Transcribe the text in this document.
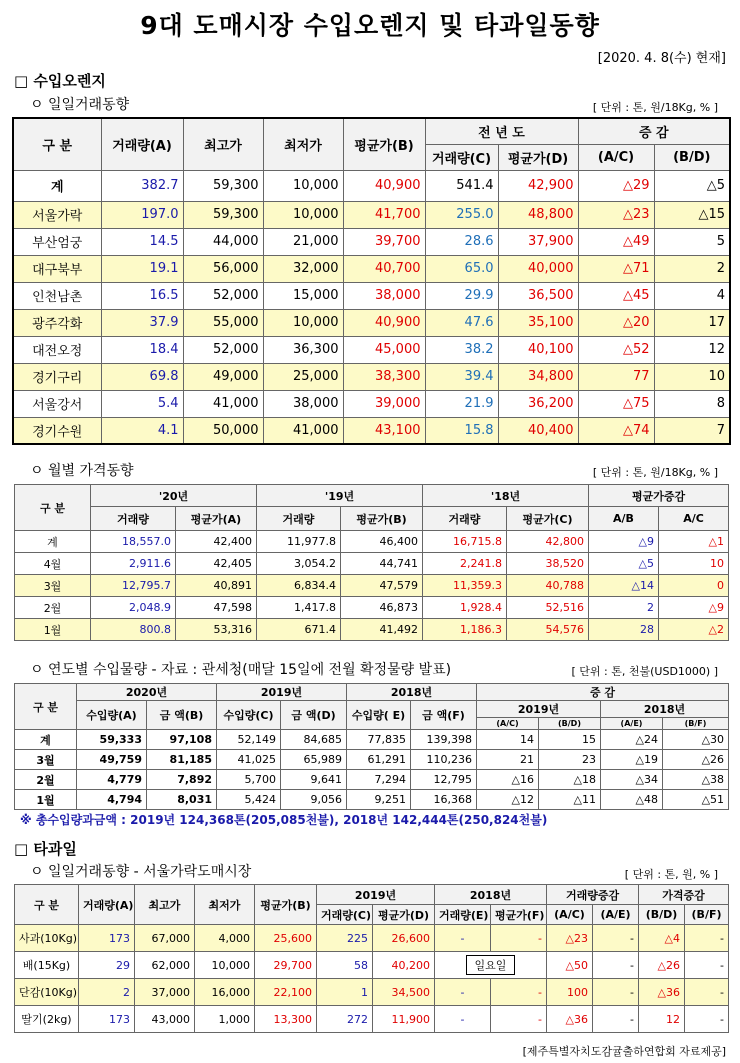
9대 도매시장 수입오렌지 및 타과일동향
[2020. 4. 8(수) 현재]
□ 수입오렌지
ㅇ 일일거래동향	[ 단위 : 톤, 원/18Kg, % ]
구 분	거래량(A)	최고가	최저가	평균가(B)	전 년 도		증 감	
					거래량(C)	평균가(D)	(A/C)	(B/D)
계	382.7	59,300	10,000	40,900	541.4	42,900	△29	△5
서울가락	197.0	59,300	10,000	41,700	255.0	48,800	△23	△15
부산엄궁	14.5	44,000	21,000	39,700	28.6	37,900	△49	5
대구북부	19.1	56,000	32,000	40,700	65.0	40,000	△71	2
인천남촌	16.5	52,000	15,000	38,000	29.9	36,500	△45	4
광주각화	37.9	55,000	10,000	40,900	47.6	35,100	△20	17
대전오정	18.4	52,000	36,300	45,000	38.2	40,100	△52	12
경기구리	69.8	49,000	25,000	38,300	39.4	34,800	77	10
서울강서	5.4	41,000	38,000	39,000	21.9	36,200	△75	8
경기수원	4.1	50,000	41,000	43,100	15.8	40,400	△74	7
ㅇ 월별 가격동향	[ 단위 : 톤, 원/18Kg, % ]
구 분	'20년		'19년		'18년		평균가증감	
	거래량	평균가(A)	거래량	평균가(B)	거래량	평균가(C)	A/B	A/C
계	18,557.0	42,400	11,977.8	46,400	16,715.8	42,800	△9	△1
4월	2,911.6	42,405	3,054.2	44,741	2,241.8	38,520	△5	10
3월	12,795.7	40,891	6,834.4	47,579	11,359.3	40,788	△14	0
2월	2,048.9	47,598	1,417.8	46,873	1,928.4	52,516	2	△9
1월	800.8	53,316	671.4	41,492	1,186.3	54,576	28	△2
ㅇ 연도별 수입물량 - 자료 : 관세청(매달 15일에 전월 확정물량 발표)	[ 단위 : 톤, 천불(USD1000) ]
구 분	2020년		2019년		2018년		증 감			
	수입량(A)	금 액(B)	수입량(C)	금 액(D)	수입량( E)	금 액(F)	2019년		2018년	
							(A/C)	(B/D)	(A/E)	(B/F)
계	59,333	97,108	52,149	84,685	77,835	139,398	14	15	△24	△30
3월	49,759	81,185	41,025	65,989	61,291	110,236	21	23	△19	△26
2월	4,779	7,892	5,700	9,641	7,294	12,795	△16	△18	△34	△38
1월	4,794	8,031	5,424	9,056	9,251	16,368	△12	△11	△48	△51
※ 총수입량과금액 : 2019년 124,368톤(205,085천불), 2018년 142,444톤(250,824천불)
□ 타과일
ㅇ 일일거래동향 - 서울가락도매시장	[ 단위 : 톤, 원, % ]
구 분	거래량(A)	최고가	최저가	평균가(B)	2019년		2018년		거래량증감		가격증감	
					거래량(C)	평균가(D)	거래량(E)	평균가(F)	(A/C)	(A/E)	(B/D)	(B/F)
사과(10Kg)	173	67,000	4,000	25,600	225	26,600	-	-	△23	-	△4	-
배(15Kg)	29	62,000	10,000	29,700	58	40,200	일요일		△50	-	△26	-
단감(10Kg)	2	37,000	16,000	22,100	1	34,500	-	-	100	-	△36	-
딸기(2kg)	173	43,000	1,000	13,300	272	11,900	-	-	△36	-	12	-
[제주특별자치도감귤출하연합회 자료제공]
